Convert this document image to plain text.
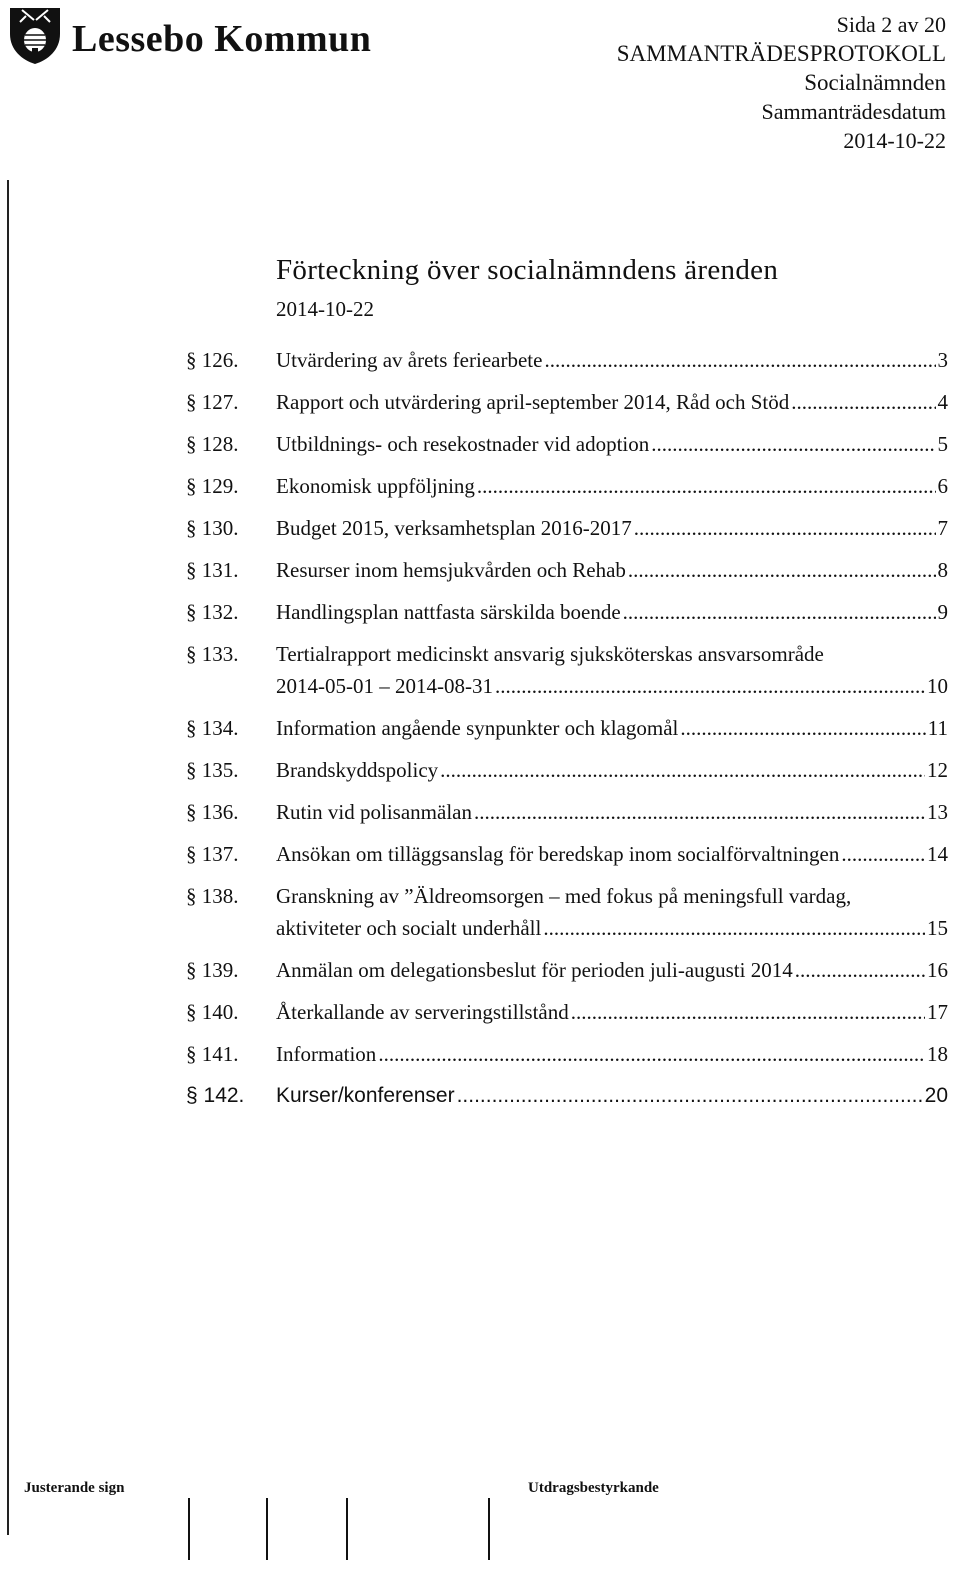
Lessebo Kommun	Sida 2 av 20
SAMMANTRÄDESPROTOKOLL
Socialnämnden
Sammanträdesdatum
2014-10-22
Förteckning över socialnämndens ärenden
2014-10-22
§ 126.	Utvärdering av årets feriearbete .....	3
§ 127.	Rapport och utvärdering april-september 2014, Råd och Stöd .....	4
§ 128.	Utbildnings- och resekostnader vid adoption .....	5
§ 129.	Ekonomisk uppföljning .....	6
§ 130.	Budget 2015, verksamhetsplan 2016-2017 .....	7
§ 131.	Resurser inom hemsjukvården och Rehab .....	8
§ 132.	Handlingsplan nattfasta särskilda boende .....	9
§ 133.	Tertialrapport medicinskt ansvarig sjuksköterskas ansvarsområde
2014-05-01 – 2014-08-31 .....	10
§ 134.	Information angående synpunkter och klagomål .....	11
§ 135.	Brandskyddspolicy .....	12
§ 136.	Rutin vid polisanmälan .....	13
§ 137.	Ansökan om tilläggsanslag för beredskap inom socialförvaltningen .....	14
§ 138.	Granskning av ”Äldreomsorgen – med fokus på meningsfull vardag,
aktiviteter och socialt underhåll .....	15
§ 139.	Anmälan om delegationsbeslut för perioden juli-augusti 2014 .....	16
§ 140.	Återkallande av serveringstillstånd .....	17
§ 141.	Information .....	18
§ 142.	Kurser/konferenser .....	20
Justerande sign	Utdragsbestyrkande
